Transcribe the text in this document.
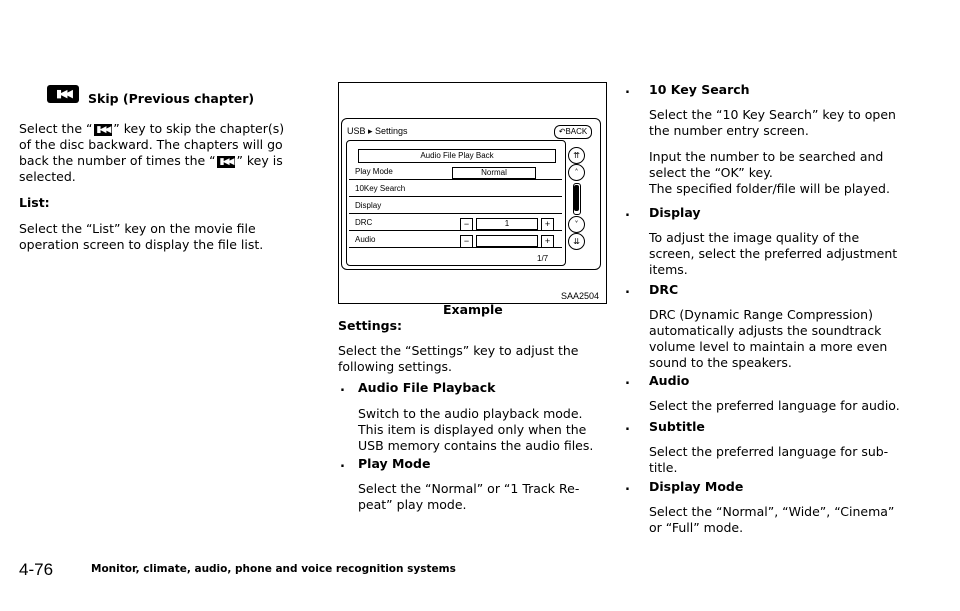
▮◀◀	Skip (Previous chapter)
Select the “ ▮◀◀ ” key to skip the chapter(s)
of the disc backward. The chapters will go
back the number of times the “ ▮◀◀ ” key is
selected.
List:
Select the “List” key on the movie file
operation screen to display the file list.
USB ▸ Settings	↶BACK
Audio File Play Back
Play Mode	Normal
10Key Search
Display
DRC	−	1	+
Audio	−	+
⇈
˄
˅
⇊
1/7
SAA2504
Example
Settings:
Select the “Settings” key to adjust the
following settings.
. Audio File Playback
Switch to the audio playback mode.
This item is displayed only when the
USB memory contains the audio files.
. Play Mode
Select the “Normal” or “1 Track Re-
peat” play mode.
. 10 Key Search
Select the “10 Key Search” key to open
the number entry screen.
Input the number to be searched and
select the “OK” key.
The specified folder/file will be played.
. Display
To adjust the image quality of the
screen, select the preferred adjustment
items.
. DRC
DRC (Dynamic Range Compression)
automatically adjusts the soundtrack
volume level to maintain a more even
sound to the speakers.
. Audio
Select the preferred language for audio.
. Subtitle
Select the preferred language for sub-
title.
. Display Mode
Select the “Normal”, “Wide”, “Cinema”
or “Full” mode.
4-76	Monitor, climate, audio, phone and voice recognition systems
